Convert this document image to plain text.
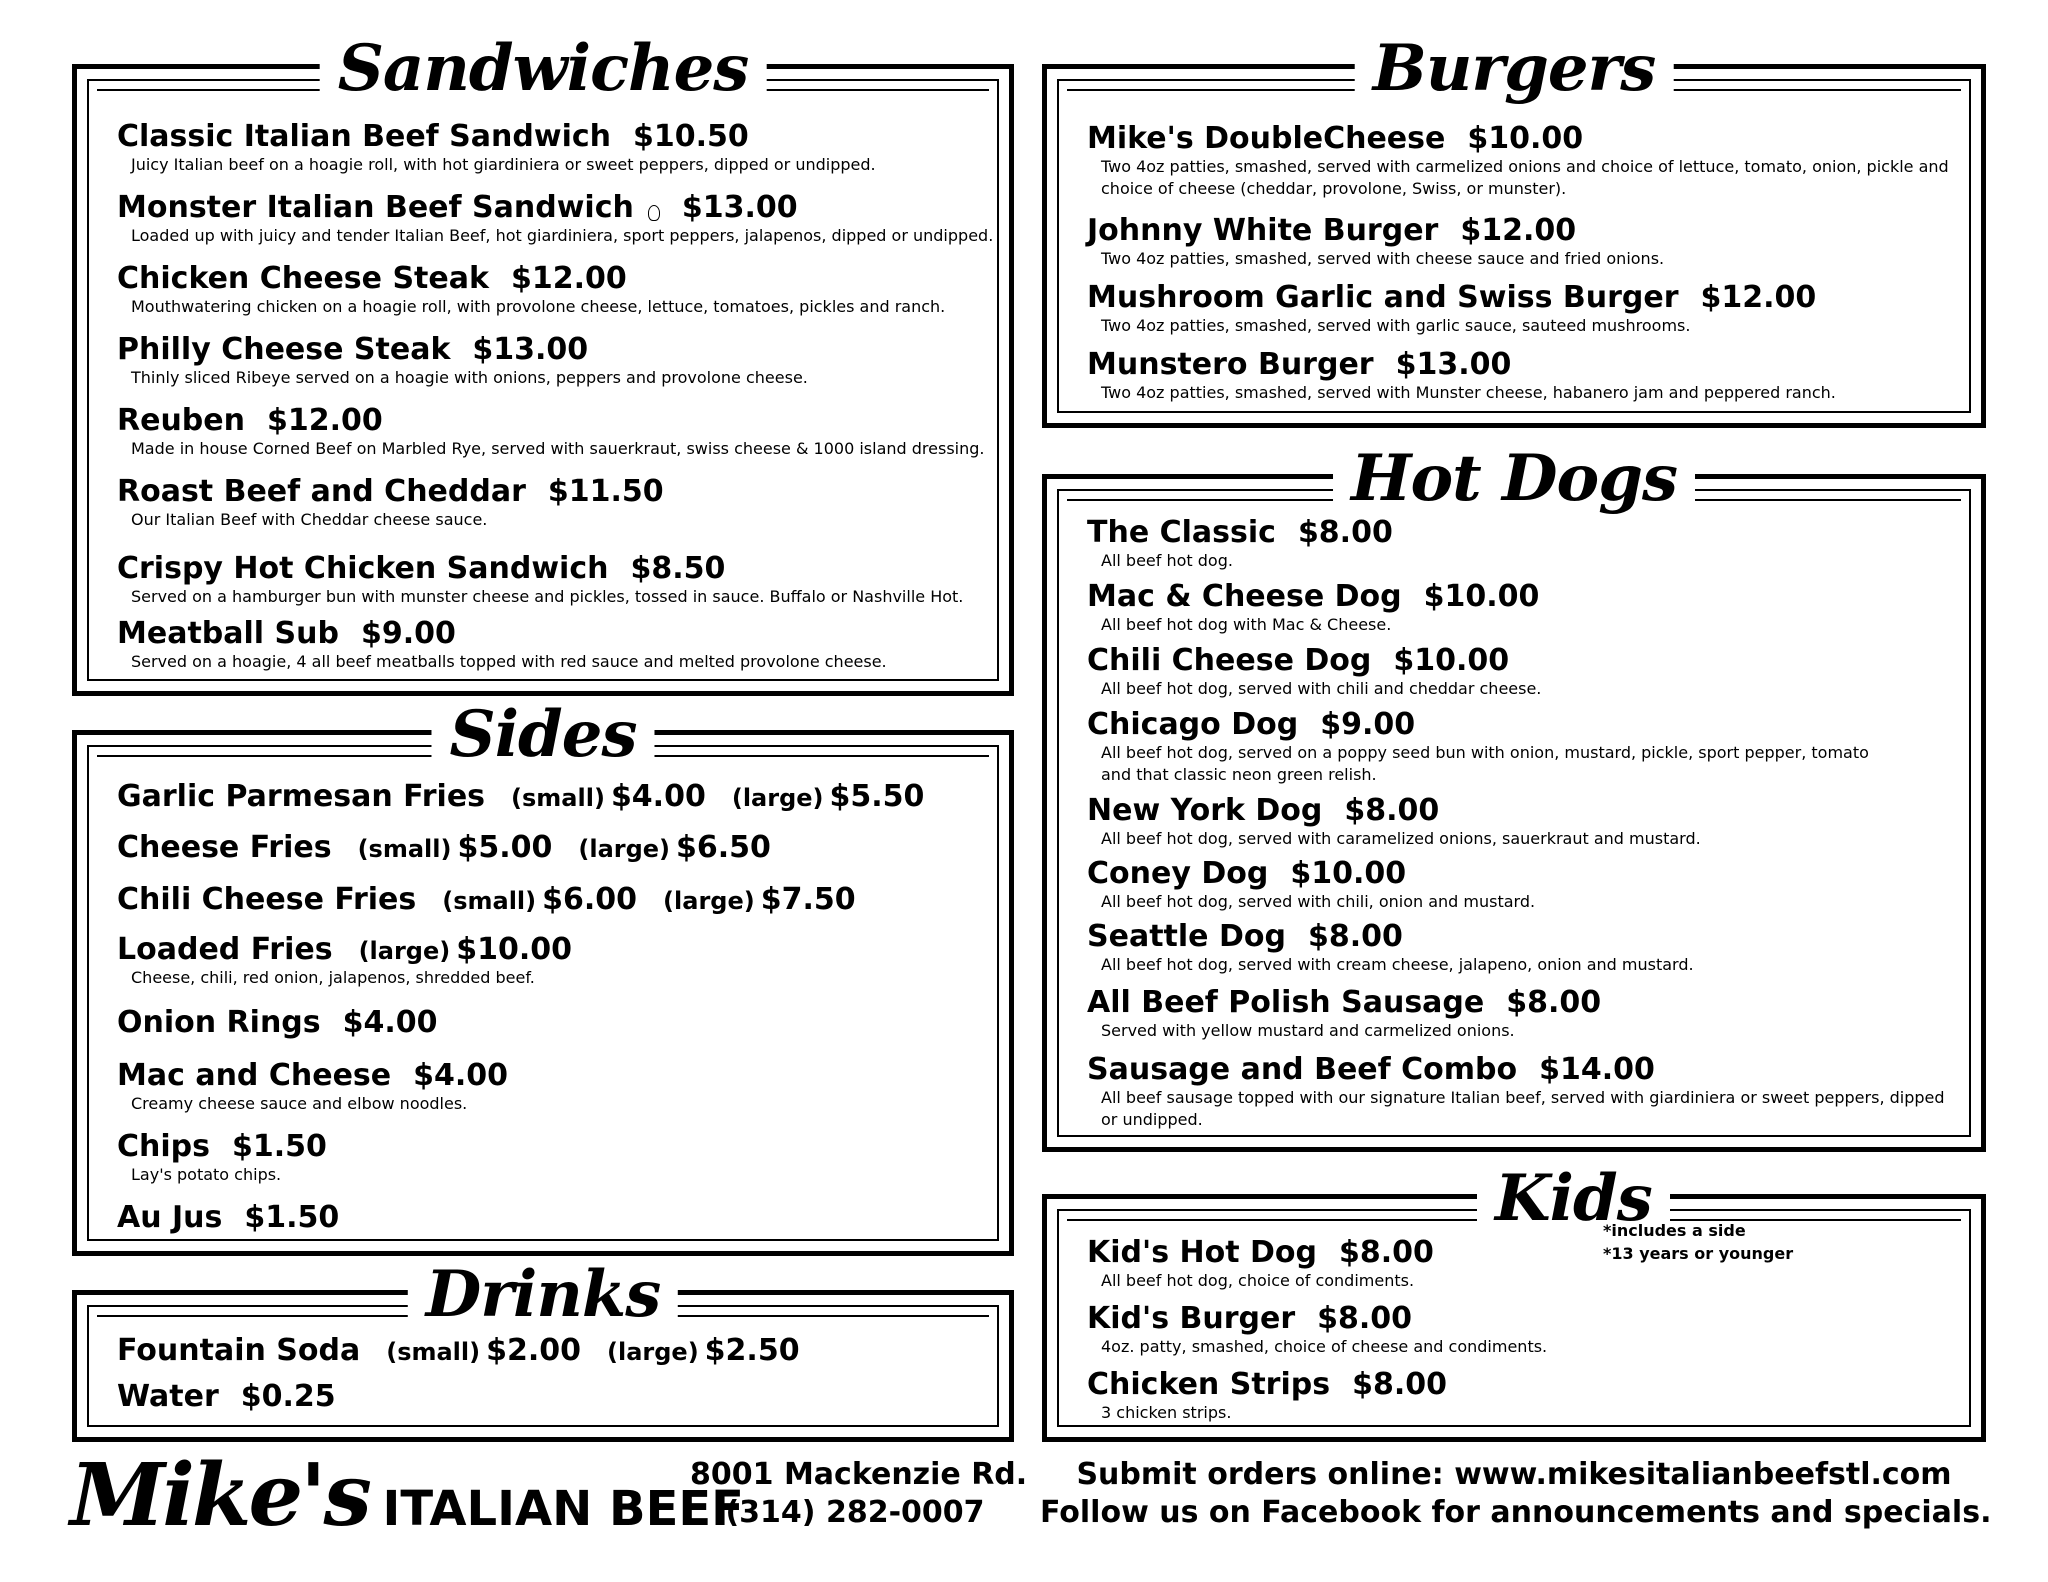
Sandwiches
Classic Italian Beef Sandwich $10.50
Juicy Italian beef on a hoagie roll, with hot giardiniera or sweet peppers, dipped or undipped.
Monster Italian Beef Sandwich $13.00
Loaded up with juicy and tender Italian Beef, hot giardiniera, sport peppers, jalapenos, dipped or undipped.
Chicken Cheese Steak $12.00
Mouthwatering chicken on a hoagie roll, with provolone cheese, lettuce, tomatoes, pickles and ranch.
Philly Cheese Steak $13.00
Thinly sliced Ribeye served on a hoagie with onions, peppers and provolone cheese.
Reuben $12.00
Made in house Corned Beef on Marbled Rye, served with sauerkraut, swiss cheese & 1000 island dressing.
Roast Beef and Cheddar $11.50
Our Italian Beef with Cheddar cheese sauce.
Crispy Hot Chicken Sandwich $8.50
Served on a hamburger bun with munster cheese and pickles, tossed in sauce. Buffalo or Nashville Hot.
Meatball Sub $9.00
Served on a hoagie, 4 all beef meatballs topped with red sauce and melted provolone cheese.
Sides
Garlic Parmesan Fries (small) $4.00 (large) $5.50
Cheese Fries (small) $5.00 (large) $6.50
Chili Cheese Fries (small) $6.00 (large) $7.50
Loaded Fries (large) $10.00
Cheese, chili, red onion, jalapenos, shredded beef.
Onion Rings $4.00
Mac and Cheese $4.00
Creamy cheese sauce and elbow noodles.
Chips $1.50
Lay's potato chips.
Au Jus $1.50
Drinks
Fountain Soda (small) $2.00 (large) $2.50
Water $0.25
Burgers
Mike's DoubleCheese $10.00
Two 4oz patties, smashed, served with carmelized onions and choice of lettuce, tomato, onion, pickle and choice of cheese (cheddar, provolone, Swiss, or munster).
Johnny White Burger $12.00
Two 4oz patties, smashed, served with cheese sauce and fried onions.
Mushroom Garlic and Swiss Burger $12.00
Two 4oz patties, smashed, served with garlic sauce, sauteed mushrooms.
Munstero Burger $13.00
Two 4oz patties, smashed, served with Munster cheese, habanero jam and peppered ranch.
Hot Dogs
The Classic $8.00
All beef hot dog.
Mac & Cheese Dog $10.00
All beef hot dog with Mac & Cheese.
Chili Cheese Dog $10.00
All beef hot dog, served with chili and cheddar cheese.
Chicago Dog $9.00
All beef hot dog, served on a poppy seed bun with onion, mustard, pickle, sport pepper, tomato and that classic neon green relish.
New York Dog $8.00
All beef hot dog, served with caramelized onions, sauerkraut and mustard.
Coney Dog $10.00
All beef hot dog, served with chili, onion and mustard.
Seattle Dog $8.00
All beef hot dog, served with cream cheese, jalapeno, onion and mustard.
All Beef Polish Sausage $8.00
Served with yellow mustard and carmelized onions.
Sausage and Beef Combo $14.00
All beef sausage topped with our signature Italian beef, served with giardiniera or sweet peppers, dipped or undipped.
Kids
*includes a side
*13 years or younger
Kid's Hot Dog $8.00
All beef hot dog, choice of condiments.
Kid's Burger $8.00
4oz. patty, smashed, choice of cheese and condiments.
Chicken Strips $8.00
3 chicken strips.
Mike's ITALIAN BEEF
8001 Mackenzie Rd.
(314) 282-0007
Submit orders online: www.mikesitalianbeefstl.com
Follow us on Facebook for announcements and specials.
